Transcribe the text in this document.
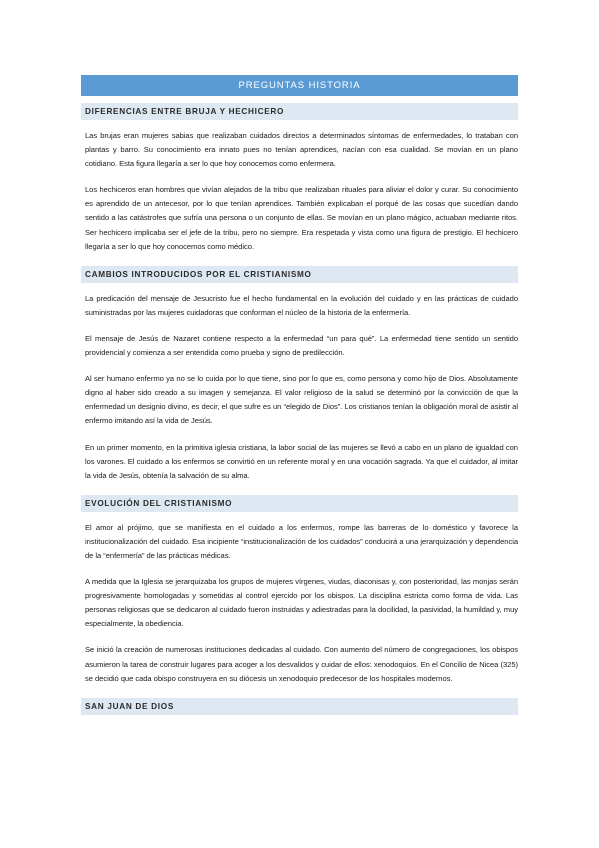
PREGUNTAS HISTORIA
DIFERENCIAS ENTRE BRUJA Y HECHICERO

Las brujas eran mujeres sabias que realizaban cuidados directos a determinados síntomas de enfermedades, lo trataban con plantas y barro. Su conocimiento era innato pues no tenían aprendices, nacían con esa cualidad. Se movían en un plano cotidiano. Esta figura llegaría a ser lo que hoy conocemos como enfermera.

Los hechiceros eran hombres que vivían alejados de la tribu que realizaban rituales para aliviar el dolor y curar. Su conocimiento es aprendido de un antecesor, por lo que tenían aprendices. También explicaban el porqué de las cosas que sucedían dando sentido a las catástrofes que sufría una persona o un conjunto de ellas. Se movían en un plano mágico, actuaban mediante ritos. Ser hechicero implicaba ser el jefe de la tribu, pero no siempre. Era respetada y vista como una figura de prestigio. El hechicero llegaría a ser lo que hoy conocemos como médico.

CAMBIOS INTRODUCIDOS POR EL CRISTIANISMO

La predicación del mensaje de Jesucristo fue el hecho fundamental en la evolución del cuidado y en las prácticas de cuidado suministradas por las mujeres cuidadoras que conforman el núcleo de la historia de la enfermería.

El mensaje de Jesús de Nazaret contiene respecto a la enfermedad “un para qué”. La enfermedad tiene sentido un sentido providencial y comienza a ser entendida como prueba y signo de predilección.

Al ser humano enfermo ya no se lo cuida por lo que tiene, sino por lo que es, como persona y como hijo de Dios. Absolutamente digno al haber sido creado a su imagen y semejanza. El valor religioso de la salud se determinó por la convicción de que la enfermedad un designio divino, es decir, el que sufre es un “elegido de Dios”. Los cristianos tenían la obligación moral de asistir al enfermo imitando así la vida de Jesús.

En un primer momento, en la primitiva iglesia cristiana, la labor social de las mujeres se llevó a cabo en un plano de igualdad con los varones. El cuidado a los enfermos se convirtió en un referente moral y en una vocación sagrada. Ya que el cuidador, al imitar la vida de Jesús, obtenía la salvación de su alma.

EVOLUCIÓN DEL CRISTIANISMO

El amor al prójimo, que se manifiesta en el cuidado a los enfermos, rompe las barreras de lo doméstico y favorece la institucionalización del cuidado. Esa incipiente “institucionalización de los cuidados” conducirá a una jerarquización y dependencia de la “enfermería” de las prácticas médicas.

A medida que la Iglesia se jerarquizaba los grupos de mujeres vírgenes, viudas, diaconisas y, con posterioridad, las monjas serán progresivamente homologadas y sometidas al control ejercido por los obispos. La disciplina estricta como forma de vida. Las personas religiosas que se dedicaron al cuidado fueron instruidas y adiestradas para la docilidad, la pasividad, la humildad y, muy especialmente, la obediencia.

Se inició la creación de numerosas instituciones dedicadas al cuidado. Con aumento del número de congregaciones, los obispos asumieron la tarea de construir lugares para acoger a los desvalidos y cuidar de ellos: xenodoquios. En el Concilio de Nicea (325) se decidió que cada obispo construyera en su diócesis un xenodoquio predecesor de los hospitales modernos.

SAN JUAN DE DIOS
